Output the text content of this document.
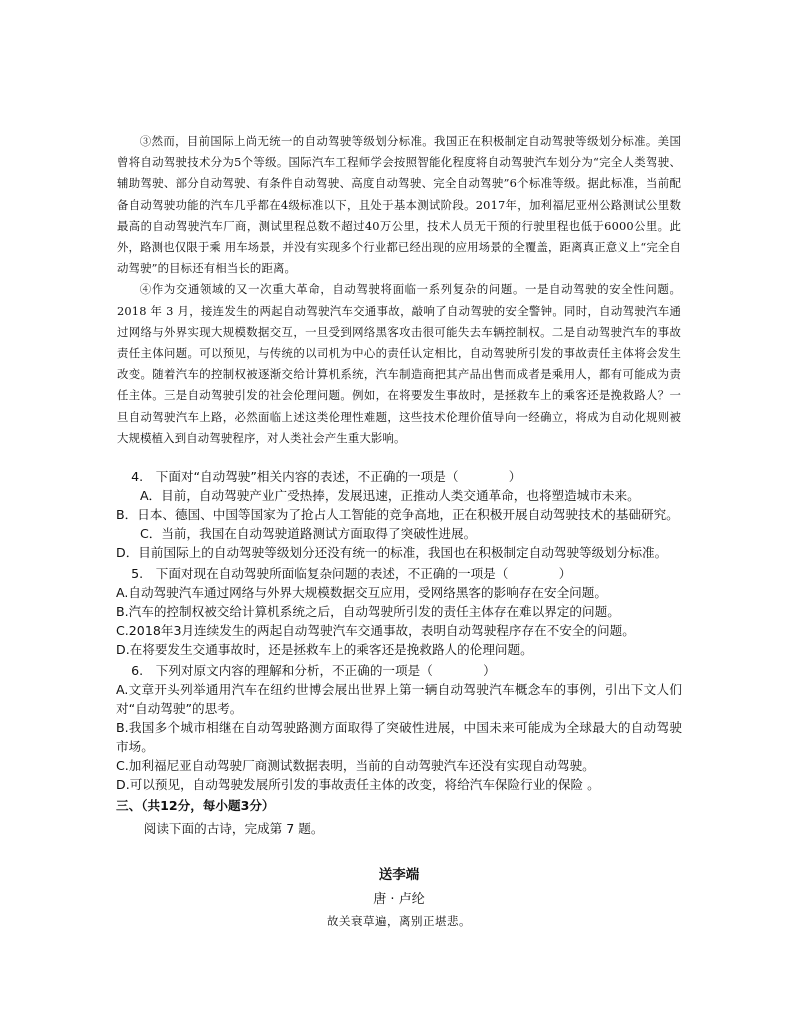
③然而，目前国际上尚无统一的自动驾驶等级划分标准。我国正在积极制定自动驾驶等级划分标准。美国曾将自动驾驶技术分为5个等级。国际汽车工程师学会按照智能化程度将自动驾驶汽车划分为“完全人类驾驶、辅助驾驶、部分自动驾驶、有条件自动驾驶、高度自动驾驶、完全自动驾驶”6个标准等级。据此标准，当前配备自动驾驶功能的汽车几乎都在4级标准以下，且处于基本测试阶段。2017年，加利福尼亚州公路测试公里数最高的自动驾驶汽车厂商，测试里程总数不超过40万公里，技术人员无干预的行驶里程也低于6000公里。此外，路测也仅限于乘 用车场景，并没有实现多个行业都已经出现的应用场景的全覆盖，距离真正意义上“完全自动驾驶”的目标还有相当长的距离。

④作为交通领域的又一次重大革命，自动驾驶将面临一系列复杂的问题。一是自动驾驶的安全性问题。 2018 年 3 月，接连发生的两起自动驾驶汽车交通事故，敲响了自动驾驶的安全警钟。同时，自动驾驶汽车通过网络与外界实现大规模数据交互，一旦受到网络黑客攻击很可能失去车辆控制权。二是自动驾驶汽车的事故责任主体问题。可以预见，与传统的以司机为中心的责任认定相比，自动驾驶所引发的事故责任主体将会发生改变。随着汽车的控制权被逐渐交给计算机系统，汽车制造商把其产品出售而成者是乘用人，都有可能成为责任主体。三是自动驾驶引发的社会伦理问题。例如，在将要发生事故时，是拯救车上的乘客还是挽救路人？一旦自动驾驶汽车上路，必然面临上述这类伦理性难题，这些技术伦理价值导向一经确立，将成为自动化规则被大规模植入到自动驾驶程序，对人类社会产生重大影响。

4.　下面对“自动驾驶”相关内容的表述，不正确的一项是（　　　　）

A．目前，自动驾驶产业广受热捧，发展迅速，正推动人类交通革命，也将塑造城市未来。

B．日本、德国、中国等国家为了抢占人工智能的竞争高地，正在积极开展自动驾驶技术的基础研究。

C．当前，我国在自动驾驶道路测试方面取得了突破性进展。

D．目前国际上的自动驾驶等级划分还没有统一的标准，我国也在积极制定自动驾驶等级划分标准。

5.　下面对现在自动驾驶所面临复杂问题的表述，不正确的一项是（　　　　）

A.自动驾驶汽车通过网络与外界大规模数据交互应用，受网络黑客的影响存在安全问题。

B.汽车的控制权被交给计算机系统之后，自动驾驶所引发的责任主体存在难以界定的问题。

C.2018年3月连续发生的两起自动驾驶汽车交通事故，表明自动驾驶程序存在不安全的问题。

D.在将要发生交通事故时，还是拯救车上的乘客还是挽救路人的伦理问题。

6.　下列对原文内容的理解和分析，不正确的一项是（　　　　）

A.文章开头列举通用汽车在纽约世博会展出世界上第一辆自动驾驶汽车概念车的事例，引出下文人们对“自动驾驶”的思考。

B.我国多个城市相继在自动驾驶路测方面取得了突破性进展，中国未来可能成为全球最大的自动驾驶市场。

C.加利福尼亚自动驾驶厂商测试数据表明，当前的自动驾驶汽车还没有实现自动驾驶。

D.可以预见，自动驾驶发展所引发的事故责任主体的改变，将给汽车保险行业的保险 。

三、（共12分，每小题3分）

阅读下面的古诗，完成第 7 题。

送李端
唐 · 卢纶
故关衰草遍，离别正堪悲。
